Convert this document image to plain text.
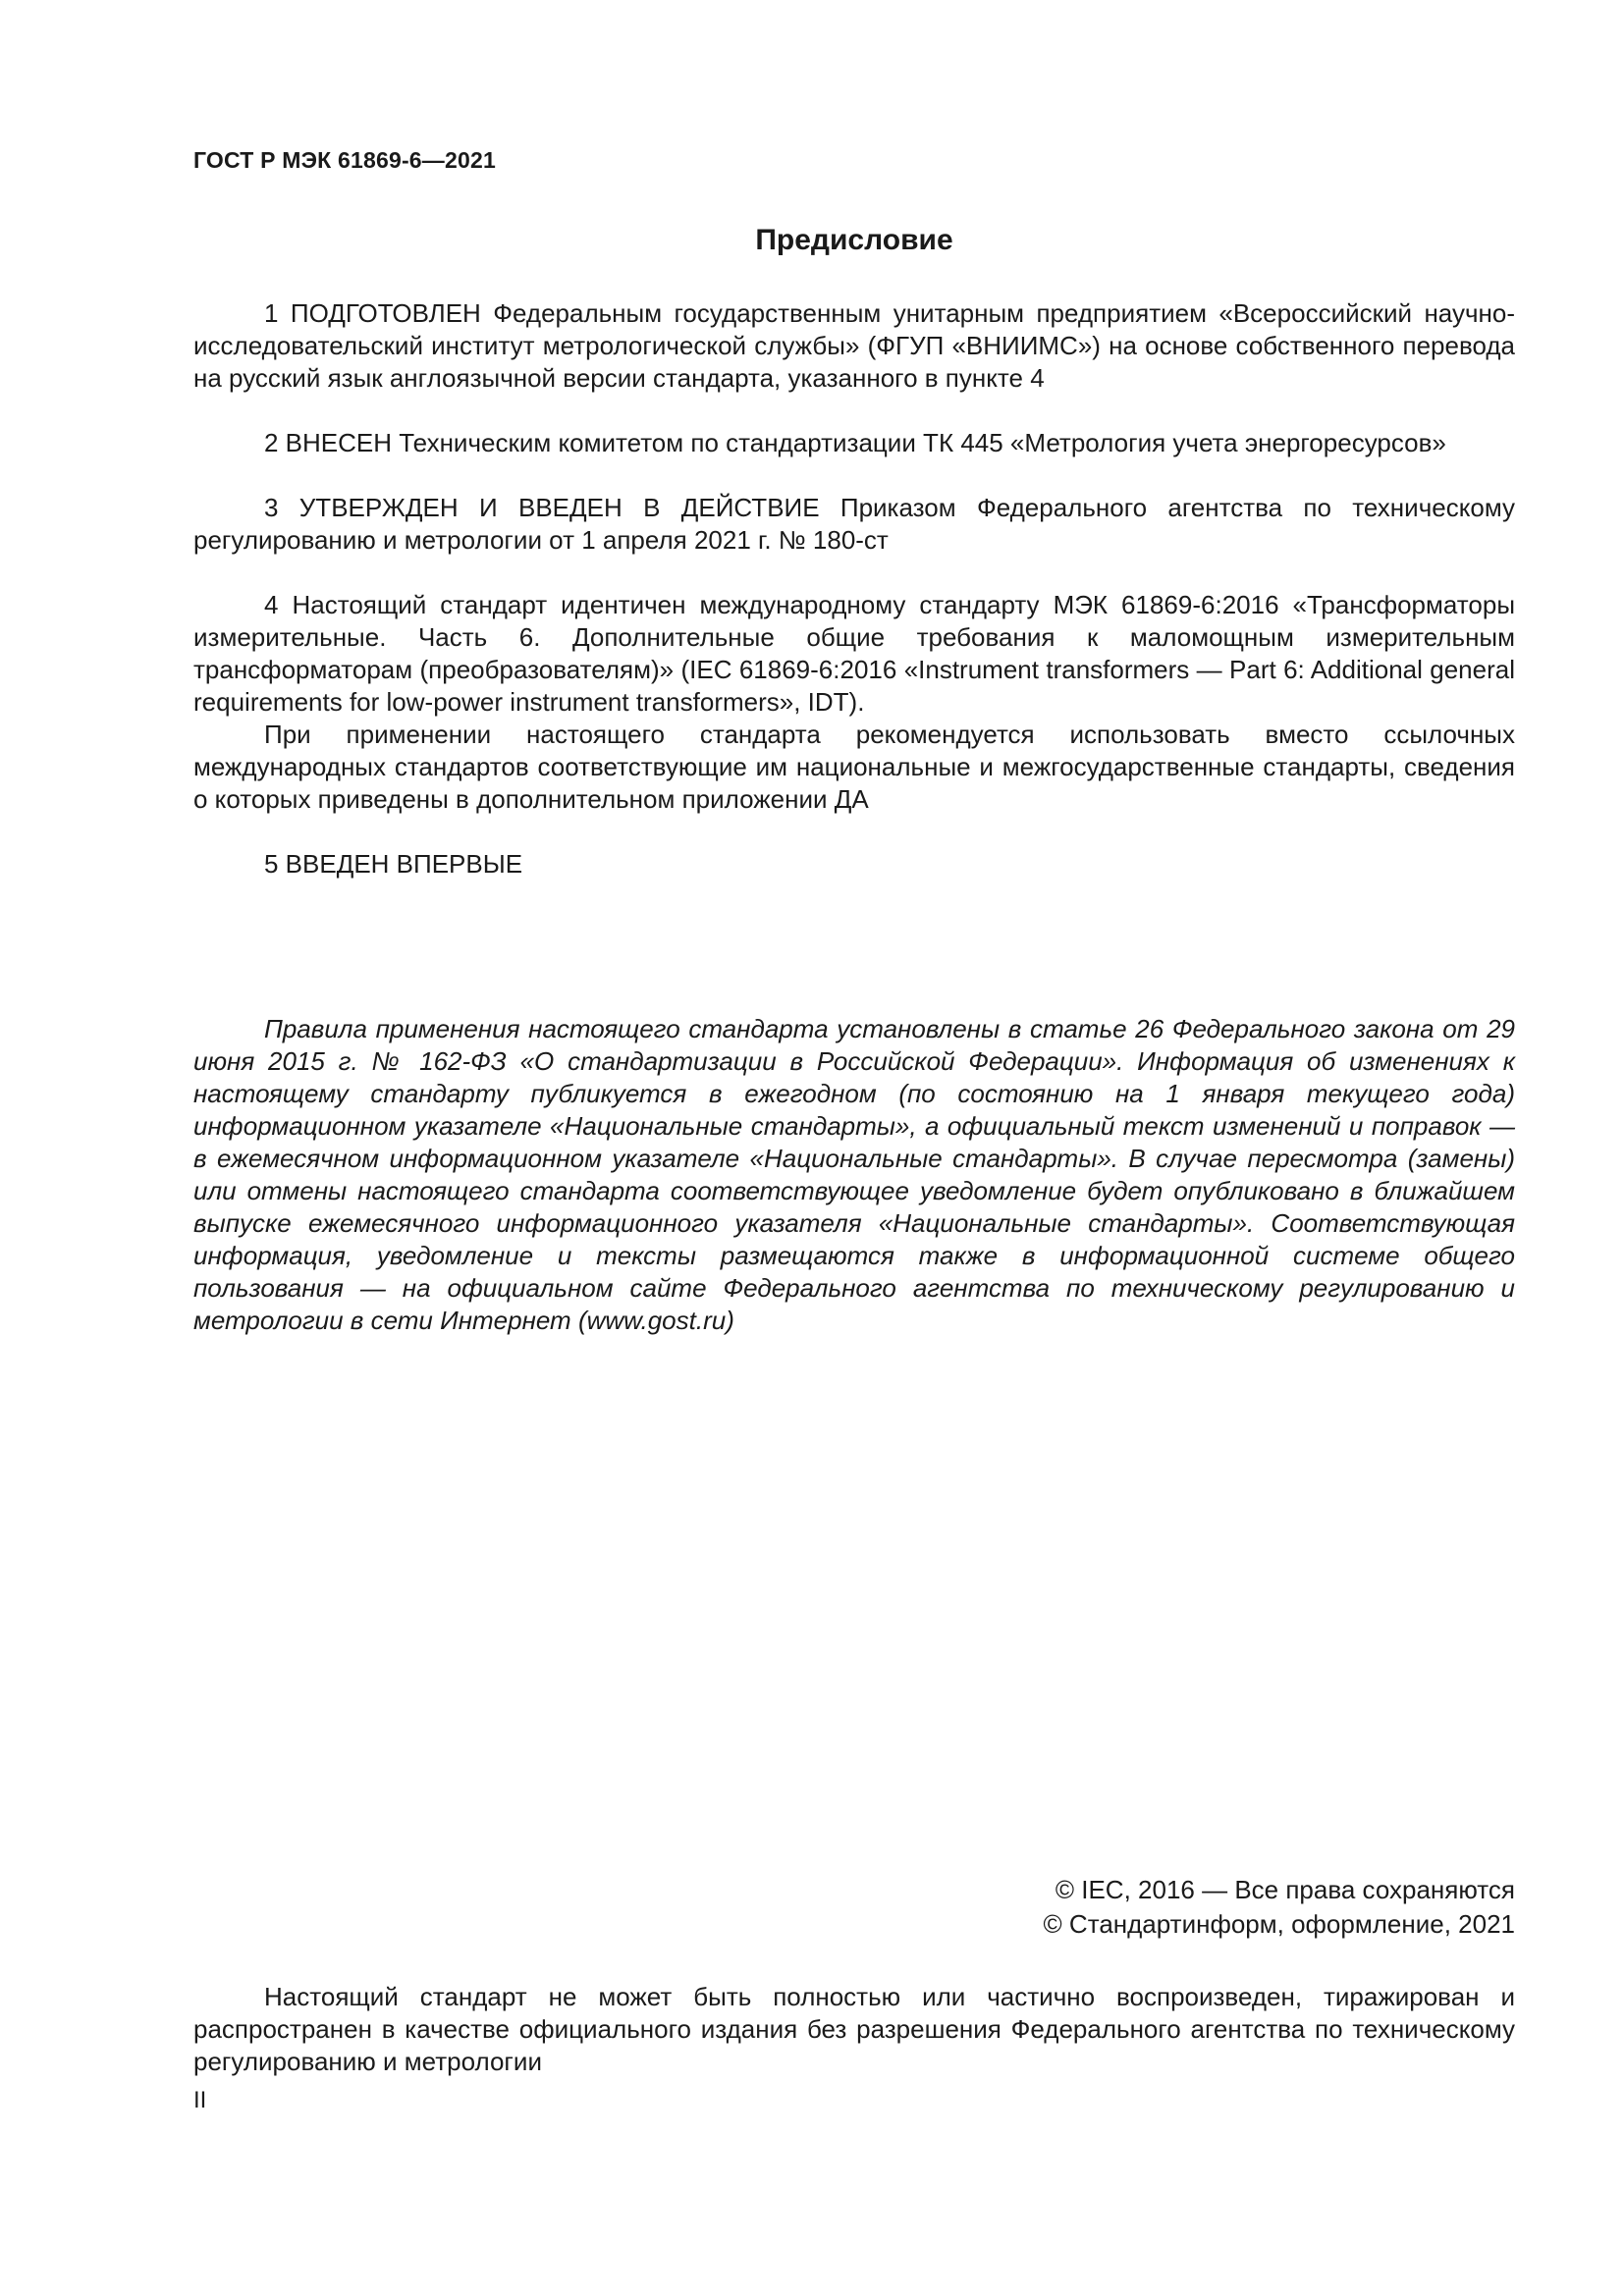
ГОСТ Р МЭК 61869-6—2021
Предисловие

1 ПОДГОТОВЛЕН Федеральным государственным унитарным предприятием «Всероссийский научно-исследовательский институт метрологической службы» (ФГУП «ВНИИМС») на основе собственного перевода на русский язык англоязычной версии стандарта, указанного в пункте 4

2 ВНЕСЕН Техническим комитетом по стандартизации ТК 445 «Метрология учета энергоресурсов»

3 УТВЕРЖДЕН И ВВЕДЕН В ДЕЙСТВИЕ Приказом Федерального агентства по техническому регулированию и метрологии от 1 апреля 2021 г. № 180-ст

4 Настоящий стандарт идентичен международному стандарту МЭК 61869-6:2016 «Трансформаторы измерительные. Часть 6. Дополнительные общие требования к маломощным измерительным трансформаторам (преобразователям)» (IEC 61869-6:2016 «Instrument transformers — Part 6: Additional general requirements for low-power instrument transformers», IDT).

При применении настоящего стандарта рекомендуется использовать вместо ссылочных международных стандартов соответствующие им национальные и межгосударственные стандарты, сведения о которых приведены в дополнительном приложении ДА

5 ВВЕДЕН ВПЕРВЫЕ

Правила применения настоящего стандарта установлены в статье 26 Федерального закона от 29 июня 2015 г. № 162-ФЗ «О стандартизации в Российской Федерации». Информация об изменениях к настоящему стандарту публикуется в ежегодном (по состоянию на 1 января текущего года) информационном указателе «Национальные стандарты», а официальный текст изменений и поправок — в ежемесячном информационном указателе «Национальные стандарты». В случае пересмотра (замены) или отмены настоящего стандарта соответствующее уведомление будет опубликовано в ближайшем выпуске ежемесячного информационного указателя «Национальные стандарты». Соответствующая информация, уведомление и тексты размещаются также в информационной системе общего пользования — на официальном сайте Федерального агентства по техническому регулированию и метрологии в сети Интернет (www.gost.ru)

© IEC, 2016 — Все права сохраняются
© Стандартинформ, оформление, 2021

Настоящий стандарт не может быть полностью или частично воспроизведен, тиражирован и распространен в качестве официального издания без разрешения Федерального агентства по техническому регулированию и метрологии

II
